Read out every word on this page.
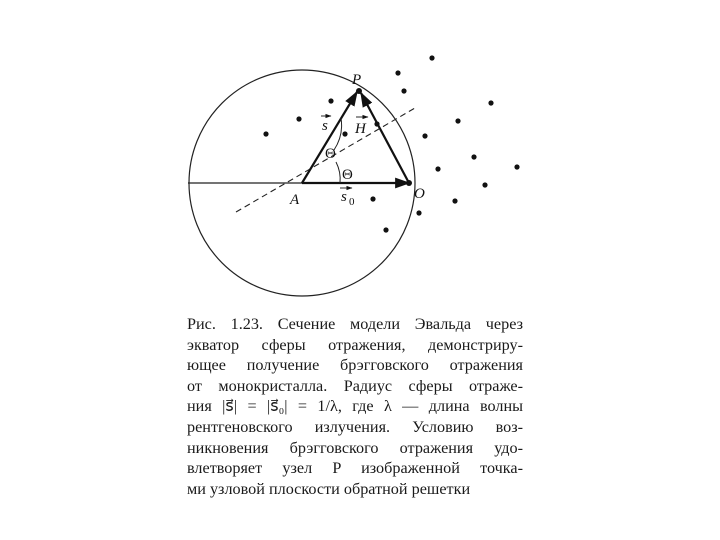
P
A	O
Θ
Θ
s H
s 0
Рис. 1.23. Сечение модели Эвальда через
экватор сферы отражения, демонстриру-
ющее получение брэгговского отражения
от монокристалла. Радиус сферы отраже-
ния |s⃗| = |s⃗₀| = 1/λ, где λ — длина волны
рентгеновского излучения. Условию воз-
никновения брэгговского отражения удо-
влетворяет узел P изображенной точка-
ми узловой плоскости обратной решетки
